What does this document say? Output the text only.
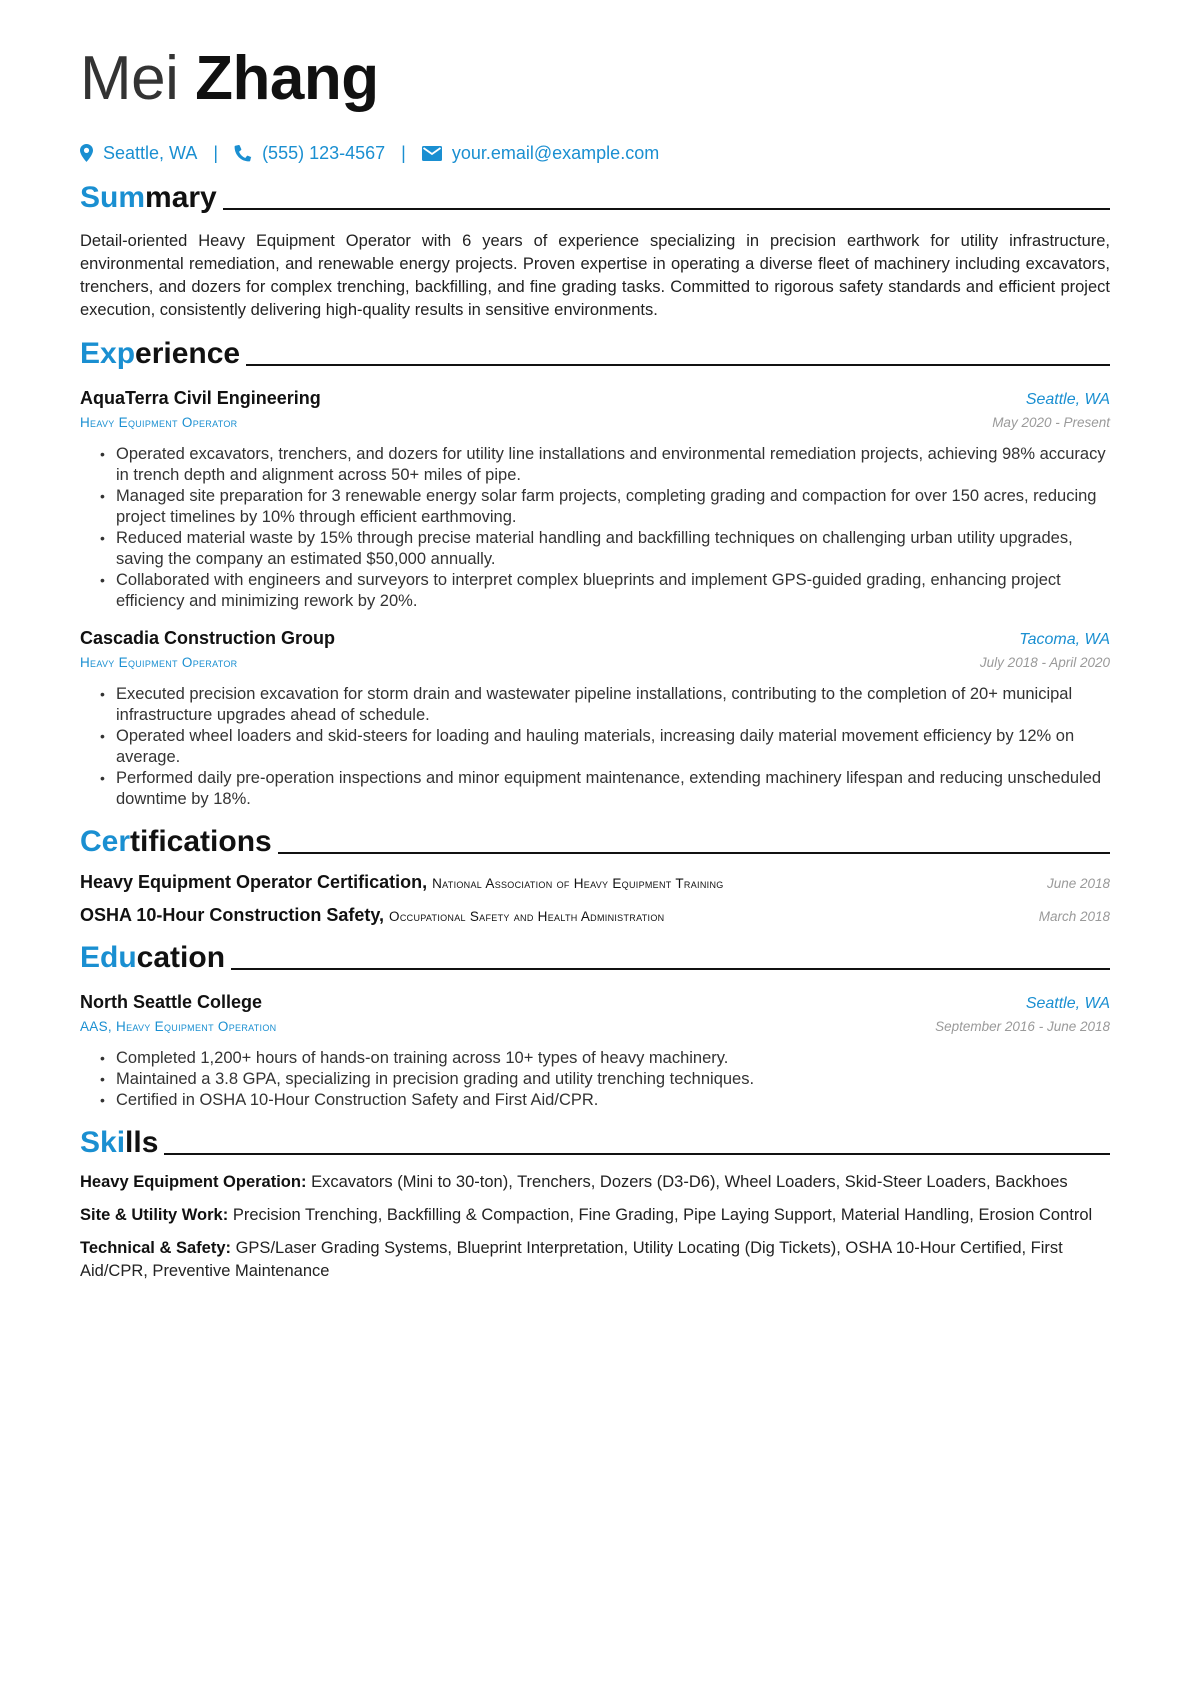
Mei Zhang
Seattle, WA | (555) 123-4567 |	your.email@example.com
Summary
Detail-oriented Heavy Equipment Operator with 6 years of experience specializing in precision earthwork for utility infrastructure, environmental remediation, and renewable energy projects. Proven expertise in operating a diverse fleet of machinery including excavators, trenchers, and dozers for complex trenching, backfilling, and fine grading tasks. Committed to rigorous safety standards and efficient project execution, consistently delivering high-quality results in sensitive environments.
Experience
AquaTerra Civil Engineering	Seattle, WA
Heavy Equipment Operator	May 2020 - Present
• Operated excavators, trenchers, and dozers for utility line installations and environmental remediation projects, achieving 98% accuracy in trench depth and alignment across 50+ miles of pipe.
• Managed site preparation for 3 renewable energy solar farm projects, completing grading and compaction for over 150 acres, reducing project timelines by 10% through efficient earthmoving.
• Reduced material waste by 15% through precise material handling and backfilling techniques on challenging urban utility upgrades, saving the company an estimated $50,000 annually.
• Collaborated with engineers and surveyors to interpret complex blueprints and implement GPS-guided grading, enhancing project efficiency and minimizing rework by 20%.
Cascadia Construction Group	Tacoma, WA
Heavy Equipment Operator	July 2018 - April 2020
• Executed precision excavation for storm drain and wastewater pipeline installations, contributing to the completion of 20+ municipal infrastructure upgrades ahead of schedule.
• Operated wheel loaders and skid-steers for loading and hauling materials, increasing daily material movement efficiency by 12% on average.
• Performed daily pre-operation inspections and minor equipment maintenance, extending machinery lifespan and reducing unscheduled downtime by 18%.
Certifications
Heavy Equipment Operator Certification, National Association of Heavy Equipment Training	June 2018
OSHA 10-Hour Construction Safety, Occupational Safety and Health Administration	March 2018
Education
North Seattle College	Seattle, WA
AAS, Heavy Equipment Operation	September 2016 - June 2018
• Completed 1,200+ hours of hands-on training across 10+ types of heavy machinery.
• Maintained a 3.8 GPA, specializing in precision grading and utility trenching techniques.
• Certified in OSHA 10-Hour Construction Safety and First Aid/CPR.
Skills
Heavy Equipment Operation: Excavators (Mini to 30-ton), Trenchers, Dozers (D3-D6), Wheel Loaders, Skid-Steer Loaders, Backhoes
Site & Utility Work: Precision Trenching, Backfilling & Compaction, Fine Grading, Pipe Laying Support, Material Handling, Erosion Control
Technical & Safety: GPS/Laser Grading Systems, Blueprint Interpretation, Utility Locating (Dig Tickets), OSHA 10-Hour Certified, First Aid/CPR, Preventive Maintenance
